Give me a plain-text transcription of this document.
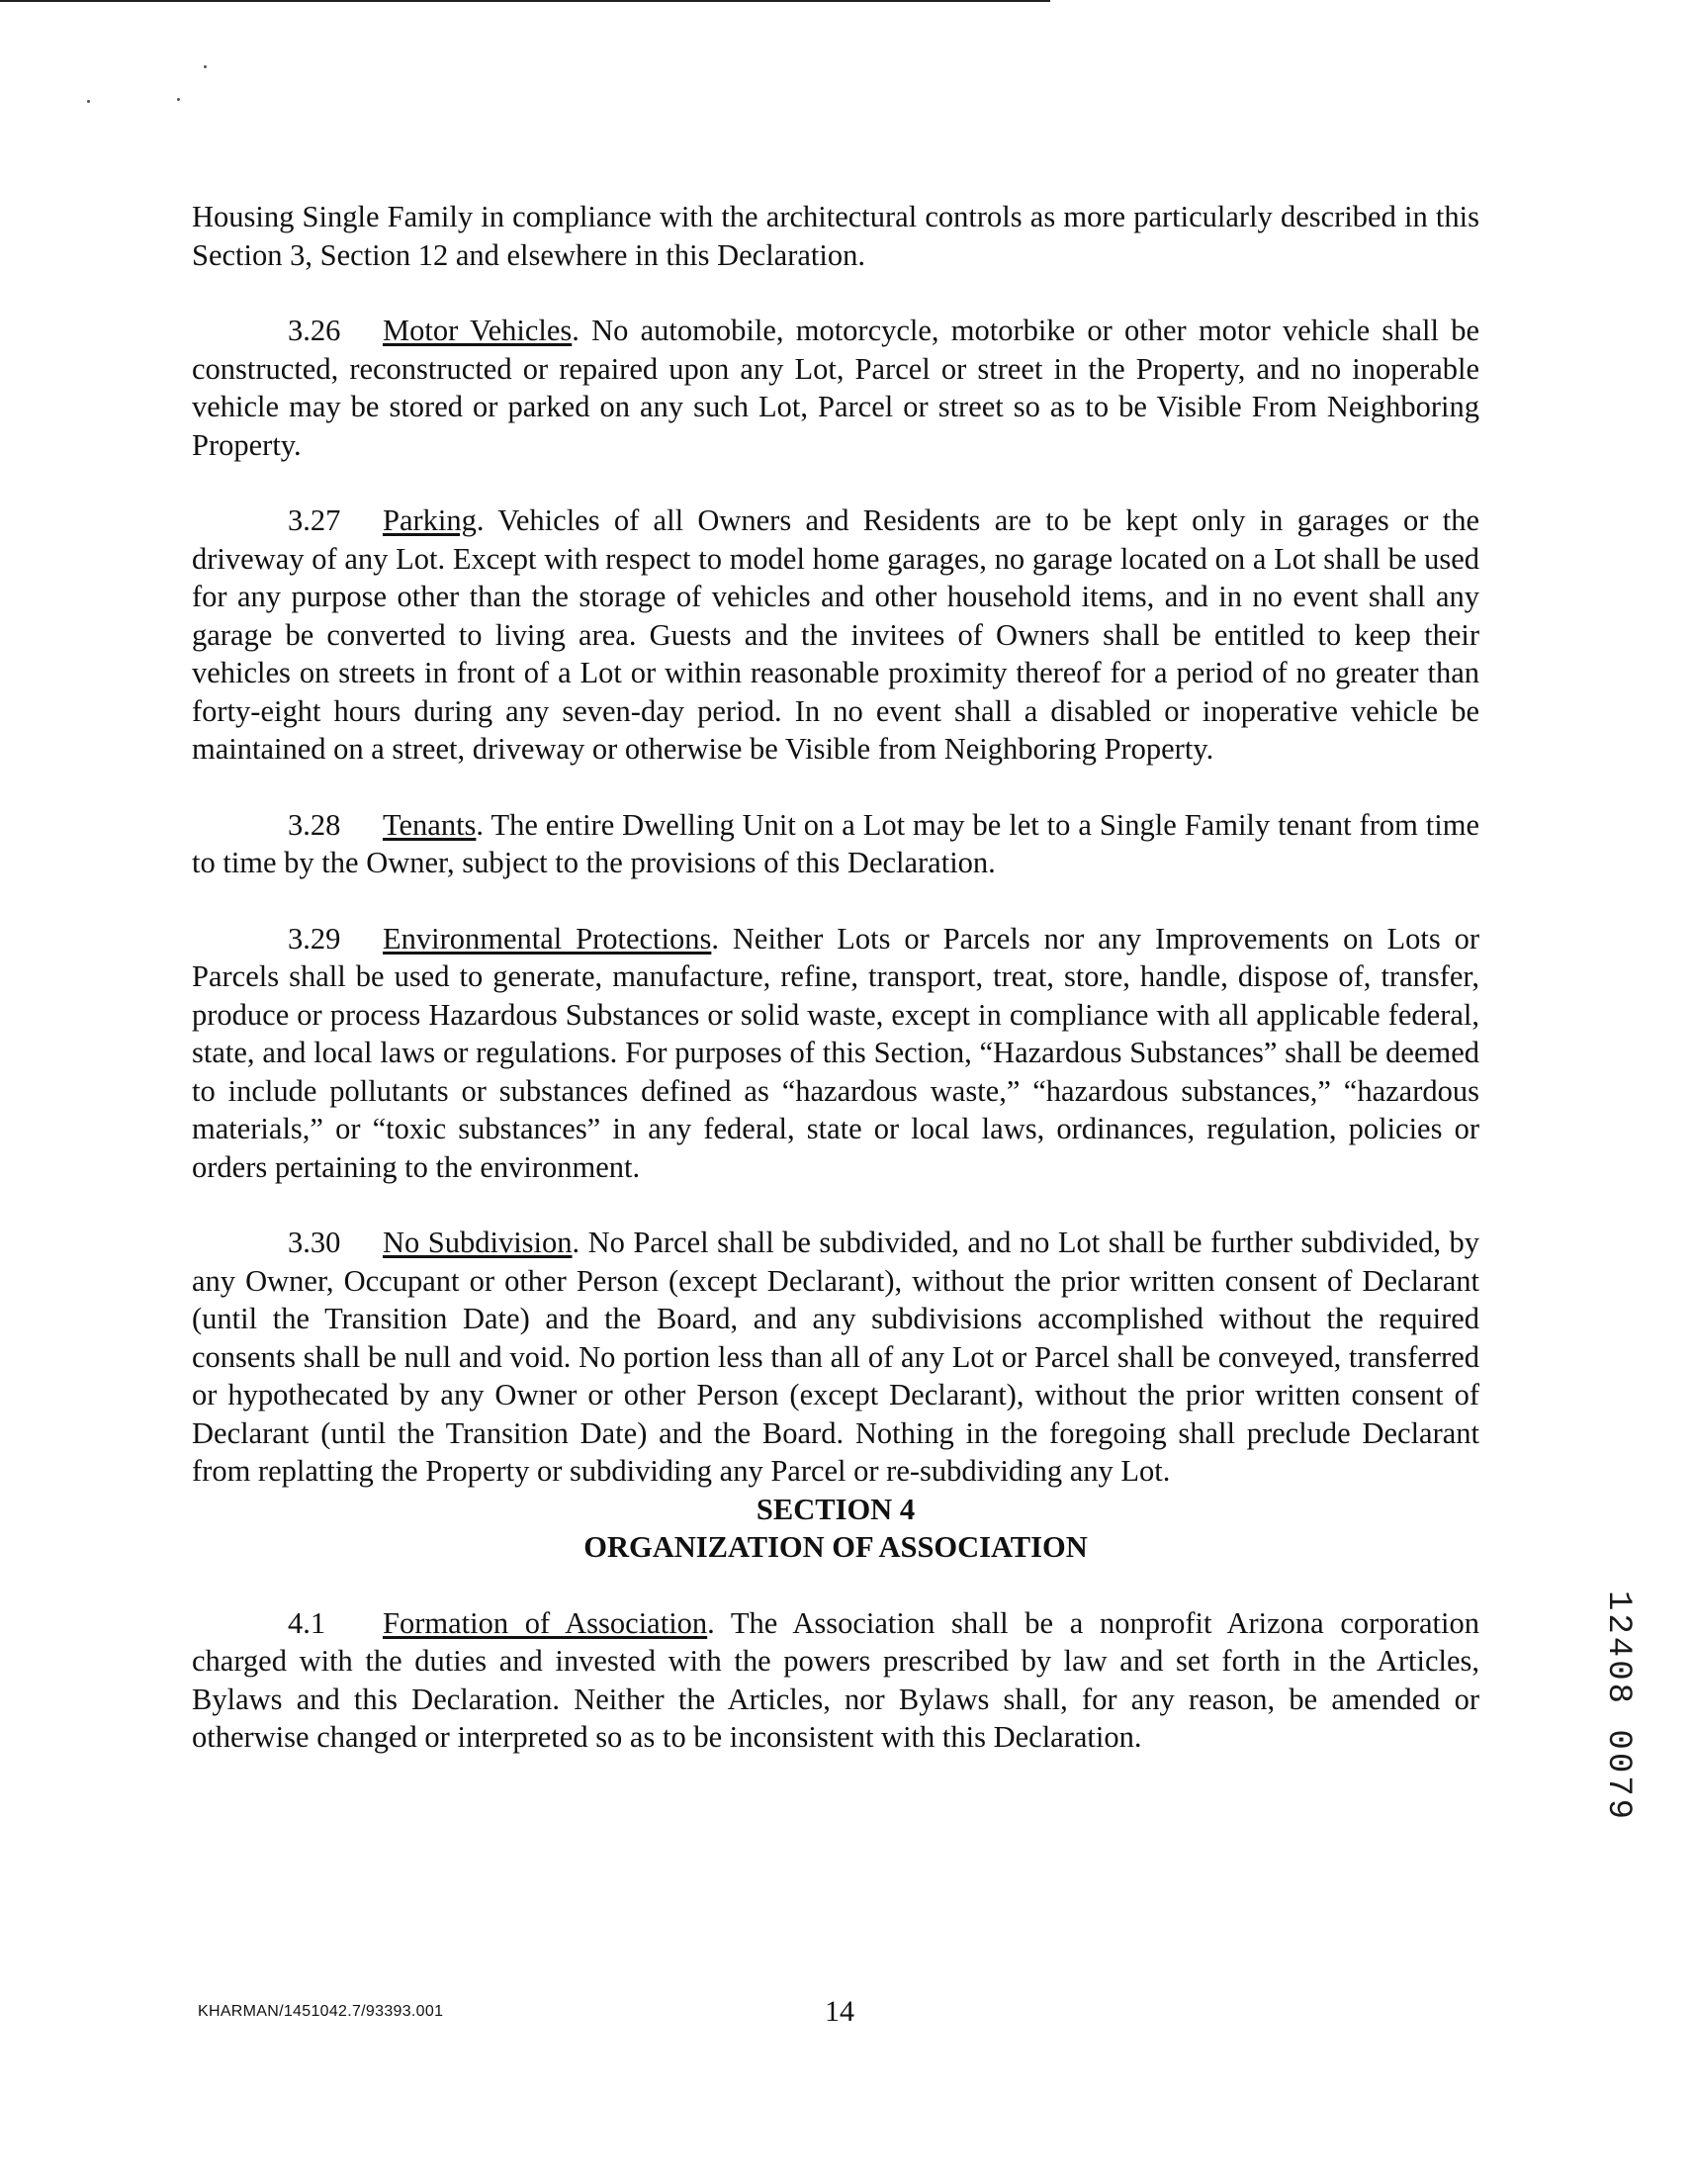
Housing Single Family in compliance with the architectural controls as more particularly described in this Section 3, Section 12 and elsewhere in this Declaration.

3.26 Motor Vehicles. No automobile, motorcycle, motorbike or other motor vehicle shall be constructed, reconstructed or repaired upon any Lot, Parcel or street in the Property, and no inoperable vehicle may be stored or parked on any such Lot, Parcel or street so as to be Visible From Neighboring Property.

3.27 Parking. Vehicles of all Owners and Residents are to be kept only in garages or the driveway of any Lot. Except with respect to model home garages, no garage located on a Lot shall be used for any purpose other than the storage of vehicles and other household items, and in no event shall any garage be converted to living area. Guests and the invitees of Owners shall be entitled to keep their vehicles on streets in front of a Lot or within reasonable proximity thereof for a period of no greater than forty-eight hours during any seven-day period. In no event shall a disabled or inoperative vehicle be maintained on a street, driveway or otherwise be Visible from Neighboring Property.

3.28 Tenants. The entire Dwelling Unit on a Lot may be let to a Single Family tenant from time to time by the Owner, subject to the provisions of this Declaration.

3.29 Environmental Protections. Neither Lots or Parcels nor any Improvements on Lots or Parcels shall be used to generate, manufacture, refine, transport, treat, store, handle, dispose of, transfer, produce or process Hazardous Substances or solid waste, except in compliance with all applicable federal, state, and local laws or regulations. For purposes of this Section, “Hazardous Substances” shall be deemed to include pollutants or substances defined as “hazardous waste,” “hazardous substances,” “hazardous materials,” or “toxic substances” in any federal, state or local laws, ordinances, regulation, policies or orders pertaining to the environment.

3.30 No Subdivision. No Parcel shall be subdivided, and no Lot shall be further subdivided, by any Owner, Occupant or other Person (except Declarant), without the prior written consent of Declarant (until the Transition Date) and the Board, and any subdivisions accomplished without the required consents shall be null and void. No portion less than all of any Lot or Parcel shall be conveyed, transferred or hypothecated by any Owner or other Person (except Declarant), without the prior written consent of Declarant (until the Transition Date) and the Board. Nothing in the foregoing shall preclude Declarant from replatting the Property or subdividing any Parcel or re-subdividing any Lot.

SECTION 4

ORGANIZATION OF ASSOCIATION

4.1 Formation of Association. The Association shall be a nonprofit Arizona corporation charged with the duties and invested with the powers prescribed by law and set forth in the Articles, Bylaws and this Declaration. Neither the Articles, nor Bylaws shall, for any reason, be amended or otherwise changed or interpreted so as to be inconsistent with this Declaration.

KHARMAN/1451042.7/93393.001	14
12408 0079
